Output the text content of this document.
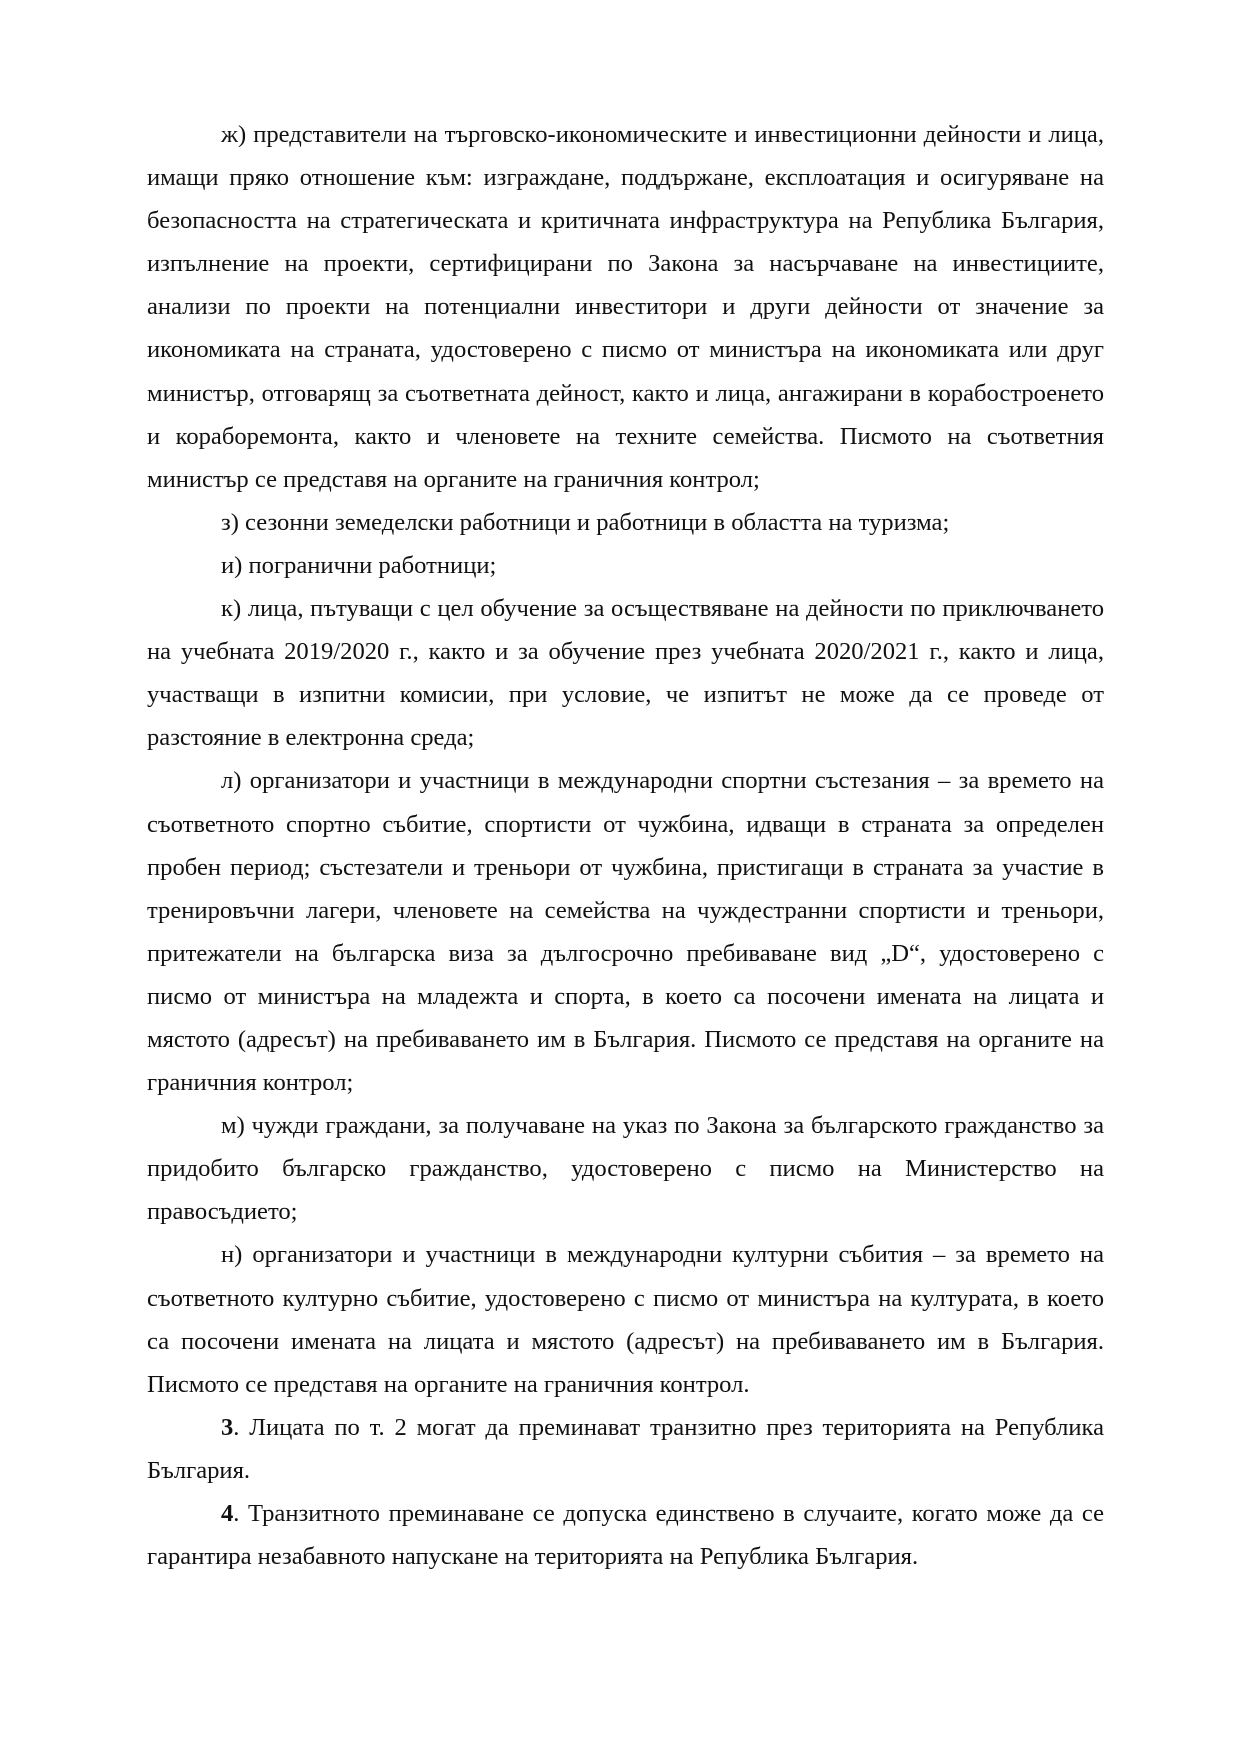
ж) представители на търговско-икономическите и инвестиционни дейности и лица, имащи пряко отношение към: изграждане, поддържане, експлоатация и осигуряване на безопасността на стратегическата и критичната инфраструктура на Република България, изпълнение на проекти, сертифицирани по Закона за насърчаване на инвестициите, анализи по проекти на потенциални инвеститори и други дейности от значение за икономиката на страната, удостоверено с писмо от министъра на икономиката или друг министър, отговарящ за съответната дейност, както и лица, ангажирани в корабостроенето и кораборемонта, както и членовете на техните семейства. Писмото на съответния министър се представя на органите на граничния контрол;

з) сезонни земеделски работници и работници в областта на туризма;

и) погранични работници;

к) лица, пътуващи с цел обучение за осъществяване на дейности по приключването на учебната 2019/2020 г., както и за обучение през учебната 2020/2021 г., както и лица, участващи в изпитни комисии, при условие, че изпитът не може да се проведе от разстояние в електронна среда;

л) организатори и участници в международни спортни състезания – за времето на съответното спортно събитие, спортисти от чужбина, идващи в страната за определен пробен период; състезатели и треньори от чужбина, пристигащи в страната за участие в тренировъчни лагери, членовете на семейства на чуждестранни спортисти и треньори, притежатели на българска виза за дългосрочно пребиваване вид „D“, удостоверено с писмо от министъра на младежта и спорта, в което са посочени имената на лицата и мястото (адресът) на пребиваването им в България. Писмото се представя на органите на граничния контрол;

м) чужди граждани, за получаване на указ по Закона за българското гражданство за придобито българско гражданство, удостоверено с писмо на Министерство на правосъдието;

н) организатори и участници в международни културни събития – за времето на съответното културно събитие, удостоверено с писмо от министъра на културата, в което са посочени имената на лицата и мястото (адресът) на пребиваването им в България. Писмото се представя на органите на граничния контрол.

3. Лицата по т. 2 могат да преминават транзитно през територията на Република България.

4. Транзитното преминаване се допуска единствено в случаите, когато може да се гарантира незабавното напускане на територията на Република България.
